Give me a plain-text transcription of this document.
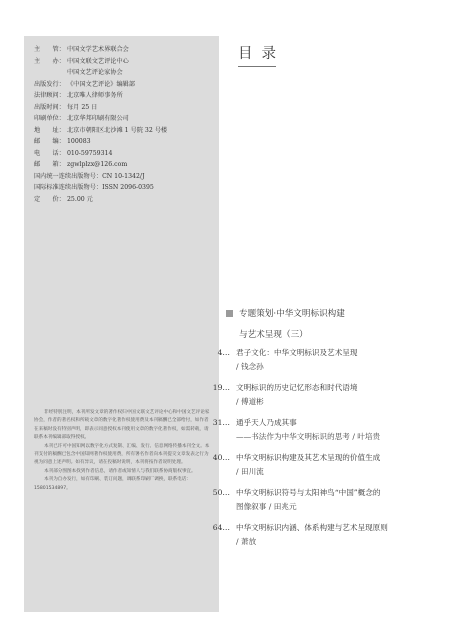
主　　管： 中国文学艺术界联合会
主　　办： 中国文联文艺评论中心
中国文艺评论家协会
出版发行： 《中国文艺评论》编辑部
法律顾问： 北京唯人律师事务所
出版时间： 每月 25 日
印刷单位： 北京华邦印刷有限公司
地　　址： 北京市朝阳区北沙滩 1 号院 32 号楼
邮　　编： 100083
电　　话： 010-59759314
邮　　箱： zgwlplzx@126.com
国内统一连续出版物号： CN 10-1342/J
国际标准连续出版物号： ISSN 2096-0395
定　　价： 25.00 元

非经特别注明，本刊所发文章的著作权归中国文联文艺评论中心和中国文艺评论家协会，作者的著名权和所载文章的数字化著作权使用费及本刊稿酬已全部给付，如作者在来稿时没有特别声明，即表示同意授权本刊使用文章的数字化著作权，如需转载，请联系本刊编辑部取得授权。

本刊已许可中国知网以数字化方式复制、汇编、发行、信息网络传播本刊全文。本刊支付的稿酬已包含中国知网著作权使用费，所有署名作者向本刊提交文章发表之行为视为同意上述声明。如有异议，请在投稿时说明，本刊将按作者说明处理。

本刊部分图图本找到作者信息，请作者或知情人与我们联系协商版权事宜。

本刊为自办发行，如有印刷、装订问题，调联系印刷厂调换，联系电话：15801534897。

目录
专题策划·中华文明标识构建
与艺术呈现（三）
4… 君子文化：中华文明标识及艺术呈现
/ 钱念孙
19… 文明标识的历史记忆形态和时代语境
/ 傅道彬
31… 通乎天人乃成其事
——书法作为中华文明标识的思考 / 叶培贵
40… 中华文明标识构建及其艺术呈现的价值生成
/ 田川流
50… 中华文明标识符号与太阳神鸟“中国”概念的
图像叙事 / 田兆元
64… 中华文明标识内涵、体系构建与艺术呈现原则
/ 萧放
